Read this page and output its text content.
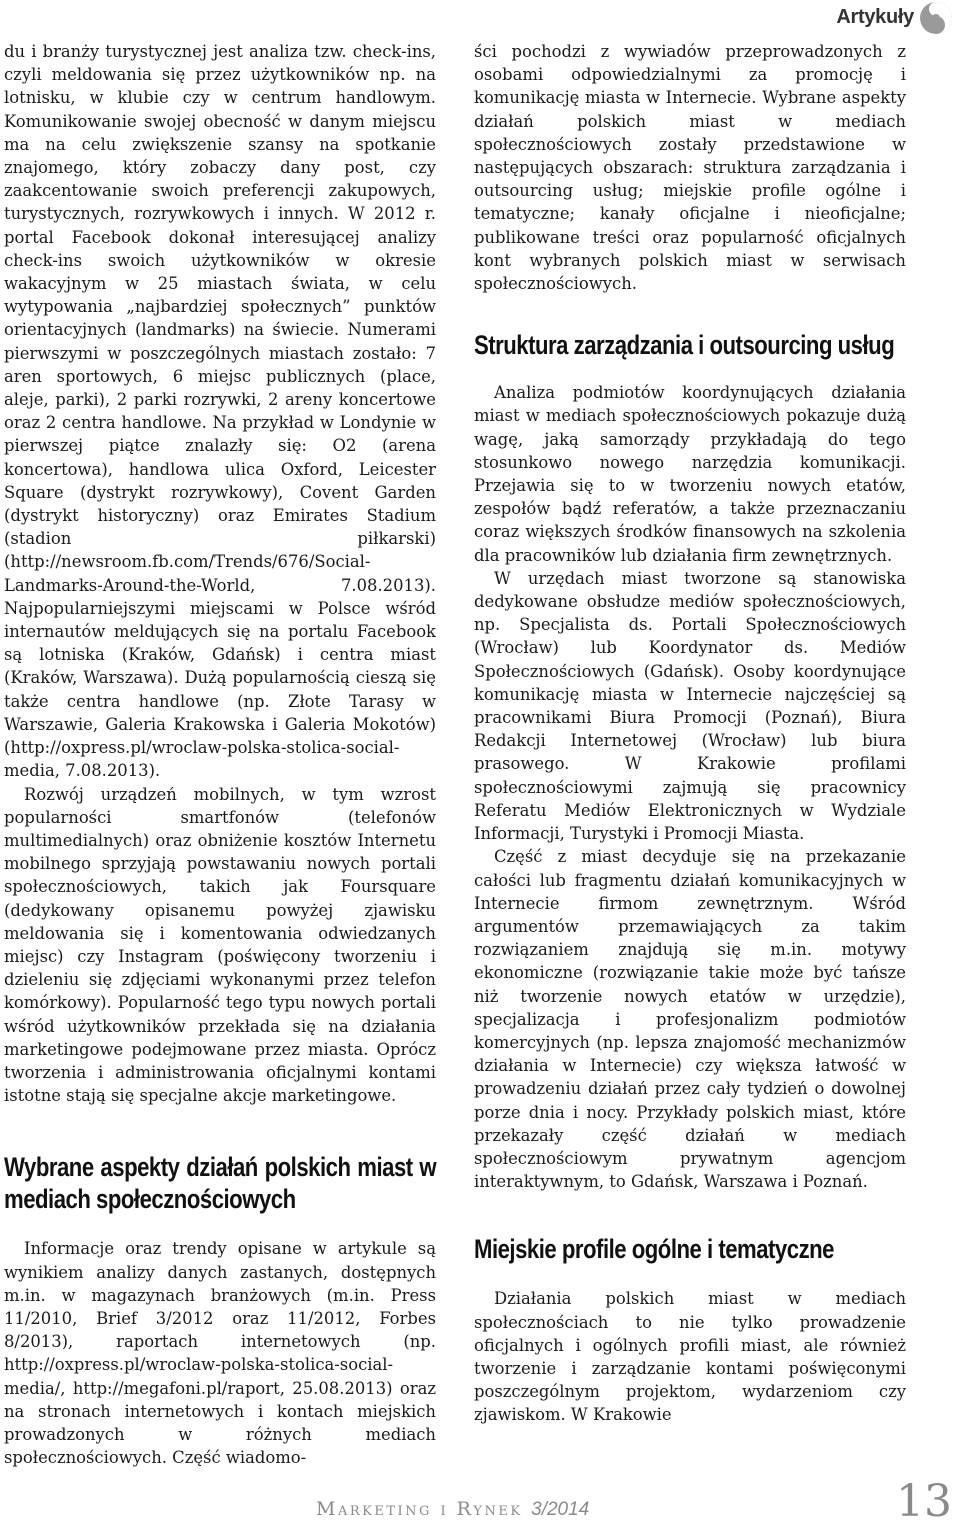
Artykuły

du i branży turystycznej jest analiza tzw. check-ins, czyli meldowania się przez użytkowników np. na lotnisku, w klubie czy w centrum handlowym. Komunikowanie swojej obecność w danym miejscu ma na celu zwiększenie szansy na spotkanie znajomego, który zobaczy dany post, czy zaakcentowanie swoich preferencji zakupowych, turystycznych, rozrywkowych i innych. W 2012 r. portal Facebook dokonał interesującej analizy check-ins swoich użytkowników w okresie wakacyjnym w 25 miastach świata, w celu wytypowania „najbardziej społecznych” punktów orientacyjnych (landmarks) na świecie. Numerami pierwszymi w poszczególnych miastach zostało: 7 aren sportowych, 6 miejsc publicznych (place, aleje, parki), 2 parki rozrywki, 2 areny koncertowe oraz 2 centra handlowe. Na przykład w Londynie w pierwszej piątce znalazły się: O2 (arena koncertowa), handlowa ulica Oxford, Leicester Square (dystrykt rozrywkowy), Covent Garden (dystrykt historyczny) oraz Emirates Stadium (stadion piłkarski) (http://newsroom.fb.com/Trends/676/Social-Landmarks-Around-the-World, 7.08.2013). Najpopularniejszymi miejscami w Polsce wśród internautów meldujących się na portalu Facebook są lotniska (Kraków, Gdańsk) i centra miast (Kraków, Warszawa). Dużą popularnością cieszą się także centra handlowe (np. Złote Tarasy w Warszawie, Galeria Krakowska i Galeria Mokotów) (http://oxpress.pl/wroclaw-polska-stolica-social-media, 7.08.2013).

Rozwój urządzeń mobilnych, w tym wzrost popularności smartfonów (telefonów multimedialnych) oraz obniżenie kosztów Internetu mobilnego sprzyjają powstawaniu nowych portali społecznościowych, takich jak Foursquare (dedykowany opisanemu powyżej zjawisku meldowania się i komentowania odwiedzanych miejsc) czy Instagram (poświęcony tworzeniu i dzieleniu się zdjęciami wykonanymi przez telefon komórkowy). Popularność tego typu nowych portali wśród użytkowników przekłada się na działania marketingowe podejmowane przez miasta. Oprócz tworzenia i administrowania oficjalnymi kontami istotne stają się specjalne akcje marketingowe.

Wybrane aspekty działań polskich miast w mediach społecznościowych

Informacje oraz trendy opisane w artykule są wynikiem analizy danych zastanych, dostępnych m.in. w magazynach branżowych (m.in. Press 11/2010, Brief 3/2012 oraz 11/2012, Forbes 8/2013), raportach internetowych (np. http://oxpress.pl/wroclaw-polska-stolica-social-media/, http://megafoni.pl/raport, 25.08.2013) oraz na stronach internetowych i kontach miejskich prowadzonych w różnych mediach społecznościowych. Część wiadomo-

ści pochodzi z wywiadów przeprowadzonych z osobami odpowiedzialnymi za promocję i komunikację miasta w Internecie. Wybrane aspekty działań polskich miast w mediach społecznościowych zostały przedstawione w następujących obszarach: struktura zarządzania i outsourcing usług; miejskie profile ogólne i tematyczne; kanały oficjalne i nieoficjalne; publikowane treści oraz popularność oficjalnych kont wybranych polskich miast w serwisach społecznościowych.

Struktura zarządzania i outsourcing usług

Analiza podmiotów koordynujących działania miast w mediach społecznościowych pokazuje dużą wagę, jaką samorządy przykładają do tego stosunkowo nowego narzędzia komunikacji. Przejawia się to w tworzeniu nowych etatów, zespołów bądź referatów, a także przeznaczaniu coraz większych środków finansowych na szkolenia dla pracowników lub działania firm zewnętrznych.

W urzędach miast tworzone są stanowiska dedykowane obsłudze mediów społecznościowych, np. Specjalista ds. Portali Społecznościowych (Wrocław) lub Koordynator ds. Mediów Społecznościowych (Gdańsk). Osoby koordynujące komunikację miasta w Internecie najczęściej są pracownikami Biura Promocji (Poznań), Biura Redakcji Internetowej (Wrocław) lub biura prasowego. W Krakowie profilami społecznościowymi zajmują się pracownicy Referatu Mediów Elektronicznych w Wydziale Informacji, Turystyki i Promocji Miasta.

Część z miast decyduje się na przekazanie całości lub fragmentu działań komunikacyjnych w Internecie firmom zewnętrznym. Wśród argumentów przemawiających za takim rozwiązaniem znajdują się m.in. motywy ekonomiczne (rozwiązanie takie może być tańsze niż tworzenie nowych etatów w urzędzie), specjalizacja i profesjonalizm podmiotów komercyjnych (np. lepsza znajomość mechanizmów działania w Internecie) czy większa łatwość w prowadzeniu działań przez cały tydzień o dowolnej porze dnia i nocy. Przykłady polskich miast, które przekazały część działań w mediach społecznościowym prywatnym agencjom interaktywnym, to Gdańsk, Warszawa i Poznań.

Miejskie profile ogólne i tematyczne

Działania polskich miast w mediach społecznościach to nie tylko prowadzenie oficjalnych i ogólnych profili miast, ale również tworzenie i zarządzanie kontami poświęconymi poszczególnym projektom, wydarzeniom czy zjawiskom. W Krakowie

Marketing i Rynek 3/2014	13
